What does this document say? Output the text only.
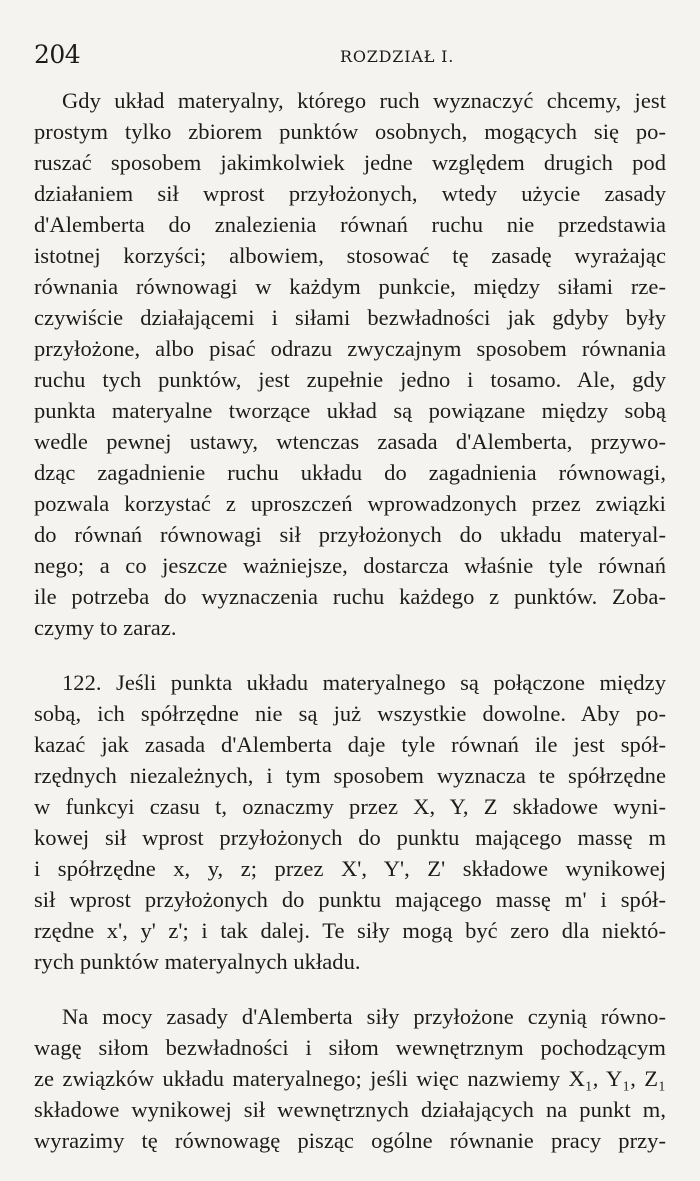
204	ROZDZIAŁ I.
Gdy układ materyalny, którego ruch wyznaczyć chcemy, jest
prostym tylko zbiorem punktów osobnych, mogących się po-
ruszać sposobem jakimkolwiek jedne względem drugich pod
działaniem sił wprost przyłożonych, wtedy użycie zasady
d'Alemberta do znalezienia równań ruchu nie przedstawia
istotnej korzyści; albowiem, stosować tę zasadę wyrażając
równania równowagi w każdym punkcie, między siłami rze-
czywiście działającemi i siłami bezwładności jak gdyby były
przyłożone, albo pisać odrazu zwyczajnym sposobem równania
ruchu tych punktów, jest zupełnie jedno i tosamo. Ale, gdy
punkta materyalne tworzące układ są powiązane między sobą
wedle pewnej ustawy, wtenczas zasada d'Alemberta, przywo-
dząc zagadnienie ruchu układu do zagadnienia równowagi,
pozwala korzystać z uproszczeń wprowadzonych przez związki
do równań równowagi sił przyłożonych do układu materyal-
nego; a co jeszcze ważniejsze, dostarcza właśnie tyle równań
ile potrzeba do wyznaczenia ruchu każdego z punktów. Zoba-
czymy to zaraz.
122. Jeśli punkta układu materyalnego są połączone między
sobą, ich spółrzędne nie są już wszystkie dowolne. Aby po-
kazać jak zasada d'Alemberta daje tyle równań ile jest spół-
rzędnych niezależnych, i tym sposobem wyznacza te spółrzędne
w funkcyi czasu t, oznaczmy przez X, Y, Z składowe wyni-
kowej sił wprost przyłożonych do punktu mającego massę m
i spółrzędne x, y, z; przez X', Y', Z' składowe wynikowej
sił wprost przyłożonych do punktu mającego massę m' i spół-
rzędne x', y' z'; i tak dalej. Te siły mogą być zero dla niektó-
rych punktów materyalnych układu.
Na mocy zasady d'Alemberta siły przyłożone czynią równo-
wagę siłom bezwładności i siłom wewnętrznym pochodzącym
ze związków układu materyalnego; jeśli więc nazwiemy X₁, Y₁, Z₁
składowe wynikowej sił wewnętrznych działających na punkt m,
wyrazimy tę równowagę pisząc ogólne równanie pracy przy-
